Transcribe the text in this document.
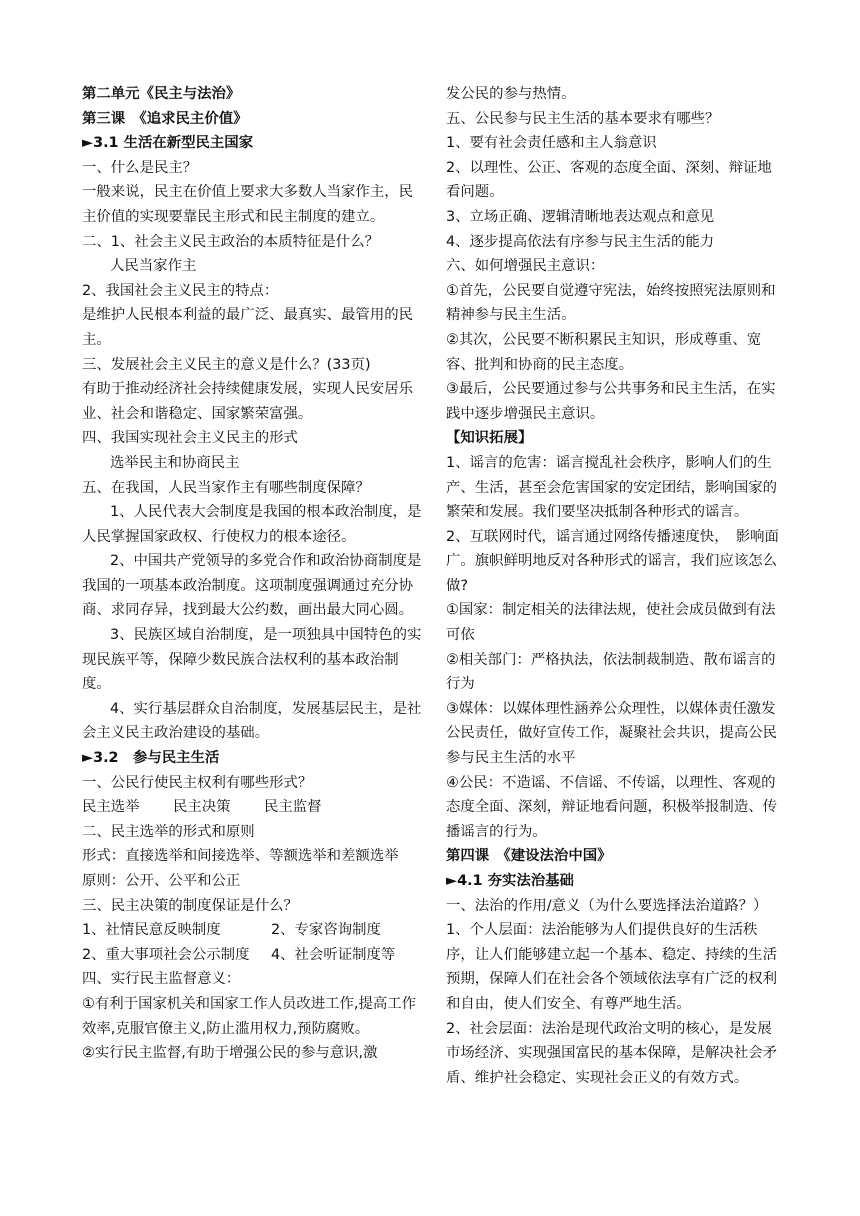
第二单元《民主与法治》
第三课　《追求民主价值》
►3.1 生活在新型民主国家
一、什么是民主？
一般来说，民主在价值上要求大多数人当家作主，民主价值的实现要靠民主形式和民主制度的建立。
二、1、社会主义民主政治的本质特征是什么？
人民当家作主
2、我国社会主义民主的特点：
是维护人民根本利益的最广泛、最真实、最管用的民主。
三、发展社会主义民主的意义是什么？(33页)
有助于推动经济社会持续健康发展，实现人民安居乐业、社会和谐稳定、国家繁荣富强。
四、我国实现社会主义民主的形式
选举民主和协商民主
五、在我国，人民当家作主有哪些制度保障？
1、人民代表大会制度是我国的根本政治制度，是人民掌握国家政权、行使权力的根本途径。
2、中国共产党领导的多党合作和政治协商制度是我国的一项基本政治制度。这项制度强调通过充分协商、求同存异，找到最大公约数，画出最大同心圆。
3、民族区域自治制度，是一项独具中国特色的实现民族平等，保障少数民族合法权利的基本政治制度。
4、实行基层群众自治制度，发展基层民主，是社会主义民主政治建设的基础。
►3.2　参与民主生活
一、公民行使民主权利有哪些形式？
民主选举	民主决策	民主监督
二、民主选举的形式和原则
形式：直接选举和间接选举、等额选举和差额选举
原则：公开、公平和公正
三、民主决策的制度保证是什么？
1、社情民意反映制度	2、专家咨询制度
2、重大事项社会公示制度	4、社会听证制度等
四、实行民主监督意义：
①有利于国家机关和国家工作人员改进工作,提高工作效率,克服官僚主义,防止滥用权力,预防腐败。
②实行民主监督,有助于增强公民的参与意识,激
发公民的参与热情。
五、公民参与民主生活的基本要求有哪些？
1、要有社会责任感和主人翁意识
2、以理性、公正、客观的态度全面、深刻、辩证地看问题。
3、立场正确、逻辑清晰地表达观点和意见
4、逐步提高依法有序参与民主生活的能力
六、如何增强民主意识：
①首先，公民要自觉遵守宪法，始终按照宪法原则和精神参与民主生活。
②其次，公民要不断积累民主知识，形成尊重、宽容、批判和协商的民主态度。
③最后，公民要通过参与公共事务和民主生活，在实践中逐步增强民主意识。
【知识拓展】
1、谣言的危害：谣言搅乱社会秩序，影响人们的生产、生活，甚至会危害国家的安定团结，影响国家的繁荣和发展。我们要坚决抵制各种形式的谣言。
2、互联网时代，谣言通过网络传播速度快，　影响面广。旗帜鲜明地反对各种形式的谣言，我们应该怎么做?
①国家：制定相关的法律法规，使社会成员做到有法可依
②相关部门：严格执法，依法制裁制造、散布谣言的行为
③媒体：以媒体理性涵养公众理性，以媒体责任激发公民责任，做好宣传工作，凝聚社会共识，提高公民参与民主生活的水平
④公民：不造谣、不信谣、不传谣，以理性、客观的态度全面、深刻，辩证地看问题，积极举报制造、传播谣言的行为。
第四课　《建设法治中国》
►4.1 夯实法治基础
一、法治的作用/意义（为什么要选择法治道路？）
1、个人层面：法治能够为人们提供良好的生活秩序，让人们能够建立起一个基本、稳定、持续的生活预期，保障人们在社会各个领域依法享有广泛的权利和自由，使人们安全、有尊严地生活。
2、社会层面：法治是现代政治文明的核心，是发展市场经济、实现强国富民的基本保障，是解决社会矛盾、维护社会稳定、实现社会正义的有效方式。
